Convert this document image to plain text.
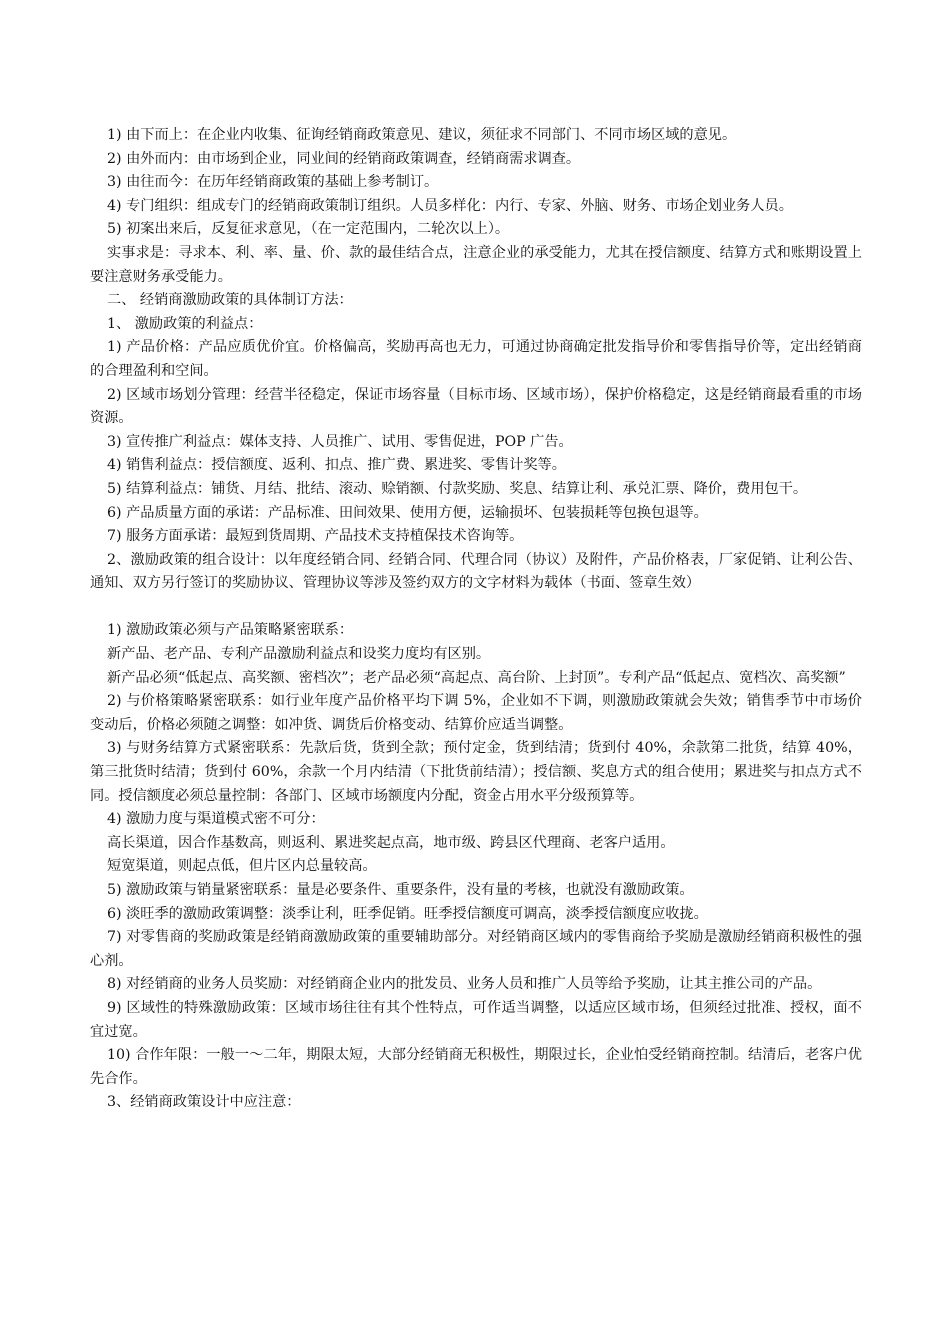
1) 由下而上：在企业内收集、征询经销商政策意见、建议，须征求不同部门、不同市场区域的意见。

2) 由外而内：由市场到企业，同业间的经销商政策调查，经销商需求调查。

3) 由往而今：在历年经销商政策的基础上参考制订。

4) 专门组织：组成专门的经销商政策制订组织。人员多样化：内行、专家、外脑、财务、市场企划业务人员。

5) 初案出来后，反复征求意见，（在一定范围内，二轮次以上）。

实事求是：寻求本、利、率、量、价、款的最佳结合点，注意企业的承受能力，尤其在授信额度、结算方式和账期设置上要注意财务承受能力。

二、 经销商激励政策的具体制订方法：

1、 激励政策的利益点：

1) 产品价格：产品应质优价宜。价格偏高，奖励再高也无力，可通过协商确定批发指导价和零售指导价等，定出经销商的合理盈利和空间。

2) 区域市场划分管理：经营半径稳定，保证市场容量（目标市场、区域市场），保护价格稳定，这是经销商最看重的市场资源。

3) 宣传推广利益点：媒体支持、人员推广、试用、零售促进，POP 广告。

4) 销售利益点：授信额度、返利、扣点、推广费、累进奖、零售计奖等。

5) 结算利益点：铺货、月结、批结、滚动、赊销额、付款奖励、奖息、结算让利、承兑汇票、降价，费用包干。

6) 产品质量方面的承诺：产品标准、田间效果、使用方便，运输损坏、包装损耗等包换包退等。

7) 服务方面承诺：最短到货周期、产品技术支持植保技术咨询等。

2、激励政策的组合设计：以年度经销合同、经销合同、代理合同（协议）及附件，产品价格表，厂家促销、让利公告、通知、双方另行签订的奖励协议、管理协议等涉及签约双方的文字材料为载体（书面、签章生效）

1) 激励政策必须与产品策略紧密联系：

新产品、老产品、专利产品激励利益点和设奖力度均有区别。

新产品必须“低起点、高奖额、密档次”；老产品必须“高起点、高台阶、上封顶”。专利产品“低起点、宽档次、高奖额”

2) 与价格策略紧密联系：如行业年度产品价格平均下调 5%，企业如不下调，则激励政策就会失效；销售季节中市场价变动后，价格必须随之调整：如冲货、调货后价格变动、结算价应适当调整。

3) 与财务结算方式紧密联系：先款后货，货到全款；预付定金，货到结清；货到付 40%，余款第二批货，结算 40%，第三批货时结清；货到付 60%，余款一个月内结清（下批货前结清）；授信额、奖息方式的组合使用；累进奖与扣点方式不同。授信额度必须总量控制：各部门、区域市场额度内分配，资金占用水平分级预算等。

4) 激励力度与渠道模式密不可分：

高长渠道，因合作基数高，则返利、累进奖起点高，地市级、跨县区代理商、老客户适用。

短宽渠道，则起点低，但片区内总量较高。

5) 激励政策与销量紧密联系：量是必要条件、重要条件，没有量的考核，也就没有激励政策。

6) 淡旺季的激励政策调整：淡季让利，旺季促销。旺季授信额度可调高，淡季授信额度应收拢。

7) 对零售商的奖励政策是经销商激励政策的重要辅助部分。对经销商区域内的零售商给予奖励是激励经销商积极性的强心剂。

8) 对经销商的业务人员奖励：对经销商企业内的批发员、业务人员和推广人员等给予奖励，让其主推公司的产品。

9) 区域性的特殊激励政策：区域市场往往有其个性特点，可作适当调整，以适应区域市场，但须经过批准、授权，面不宜过宽。

10) 合作年限：一般一～二年，期限太短，大部分经销商无积极性，期限过长，企业怕受经销商控制。结清后，老客户优先合作。

3、经销商政策设计中应注意：
